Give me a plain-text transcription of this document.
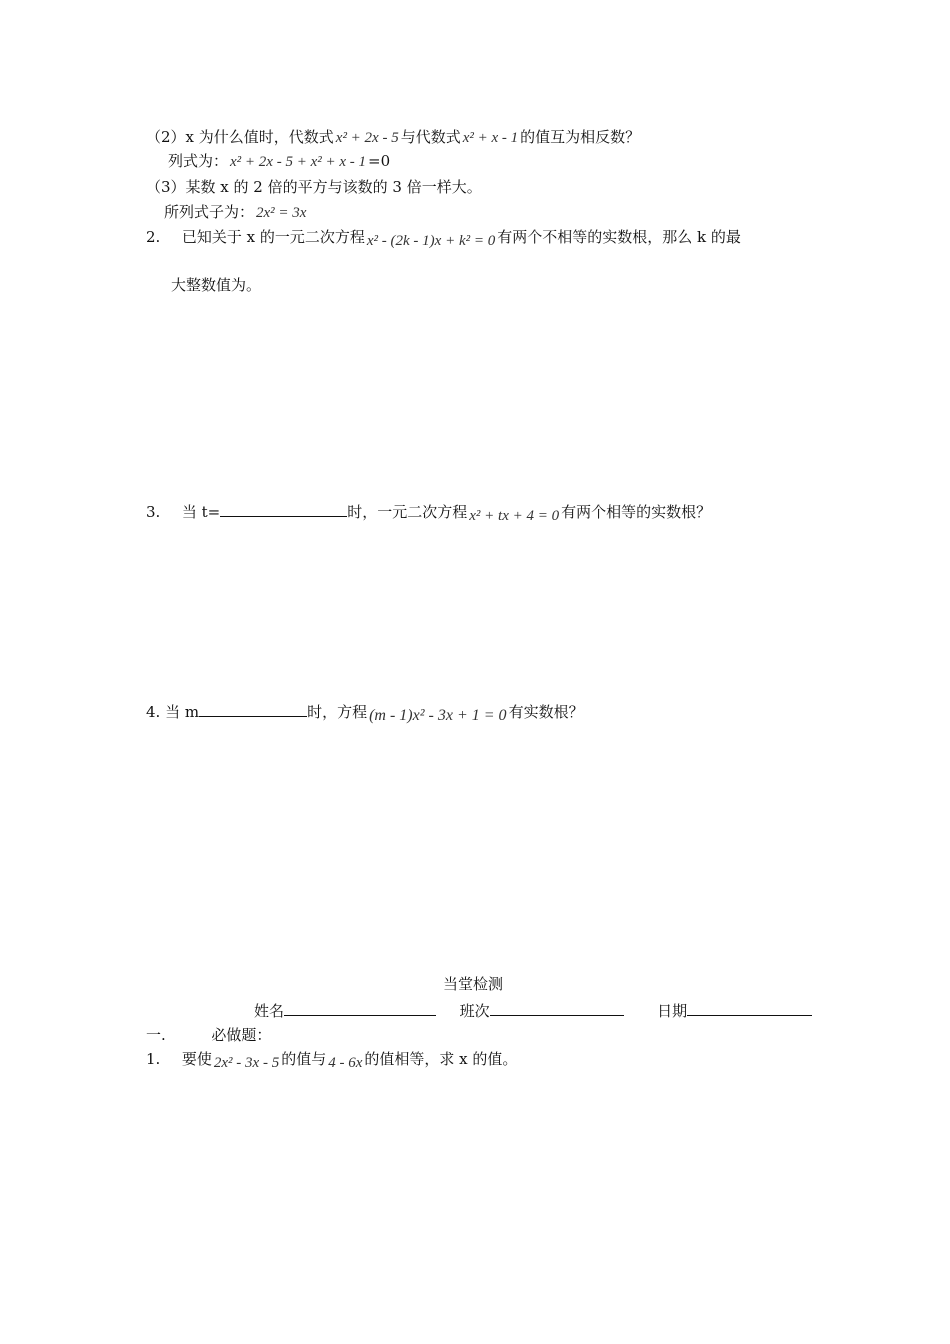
（2）x 为什么值时，代数式 x² + 2x - 5 与代数式 x² + x - 1 的值互为相反数？
列式为： x² + 2x - 5 + x² + x - 1 =0
（3）某数 x 的 2 倍的平方与该数的 3 倍一样大。
所列式子为： 2x² = 3x
2. 已知关于 x 的一元二次方程 x² - (2k - 1)x + k² = 0 有两个不相等的实数根，那么 k 的最
大整数值为。
3. 当 t=	时，一元二次方程 x² + tx + 4 = 0 有两个相等的实数根？
4. 当 m	时，方程 (m - 1)x² - 3x + 1 = 0 有实数根？
当堂检测
姓名	班次	日期
一.	必做题：
1. 要使 2x² - 3x - 5 的值与 4 - 6x 的值相等，求 x 的值。
